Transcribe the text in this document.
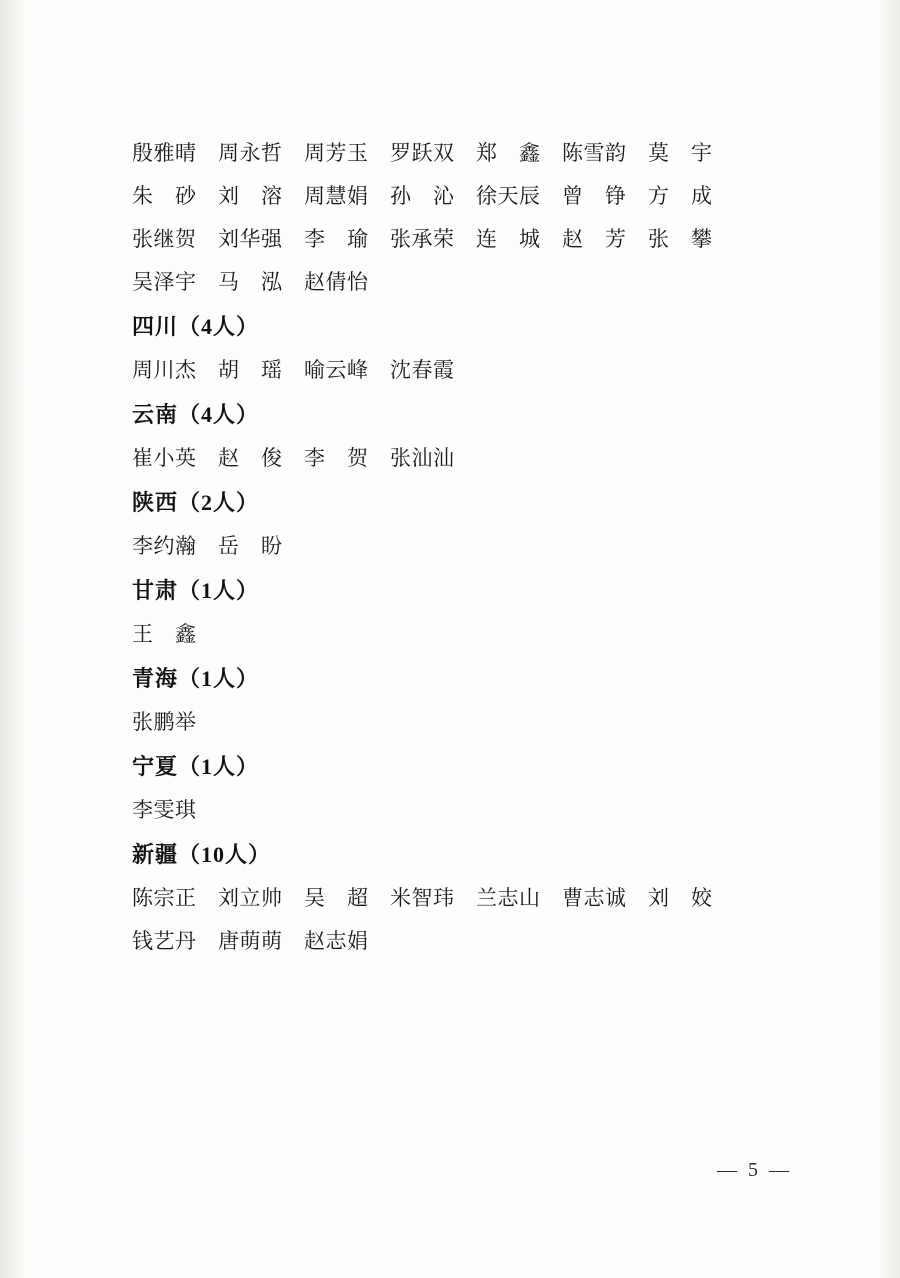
殷雅晴　周永哲　周芳玉　罗跃双　郑　鑫　陈雪韵　莫　宇
朱　砂　刘　溶　周慧娟　孙　沁　徐天辰　曾　铮　方　成
张继贺　刘华强　李　瑜　张承荣　连　城　赵　芳　张　攀
吴泽宇　马　泓　赵倩怡
四川（4人）
周川杰　胡　瑶　喻云峰　沈春霞
云南（4人）
崔小英　赵　俊　李　贺　张汕汕
陕西（2人）
李约瀚　岳　盼
甘肃（1人）
王　鑫
青海（1人）
张鹏举
宁夏（1人）
李雯琪
新疆（10人）
陈宗正　刘立帅　吴　超　米智玮　兰志山　曹志诚　刘　姣
钱艺丹　唐萌萌　赵志娟
— 5 —
